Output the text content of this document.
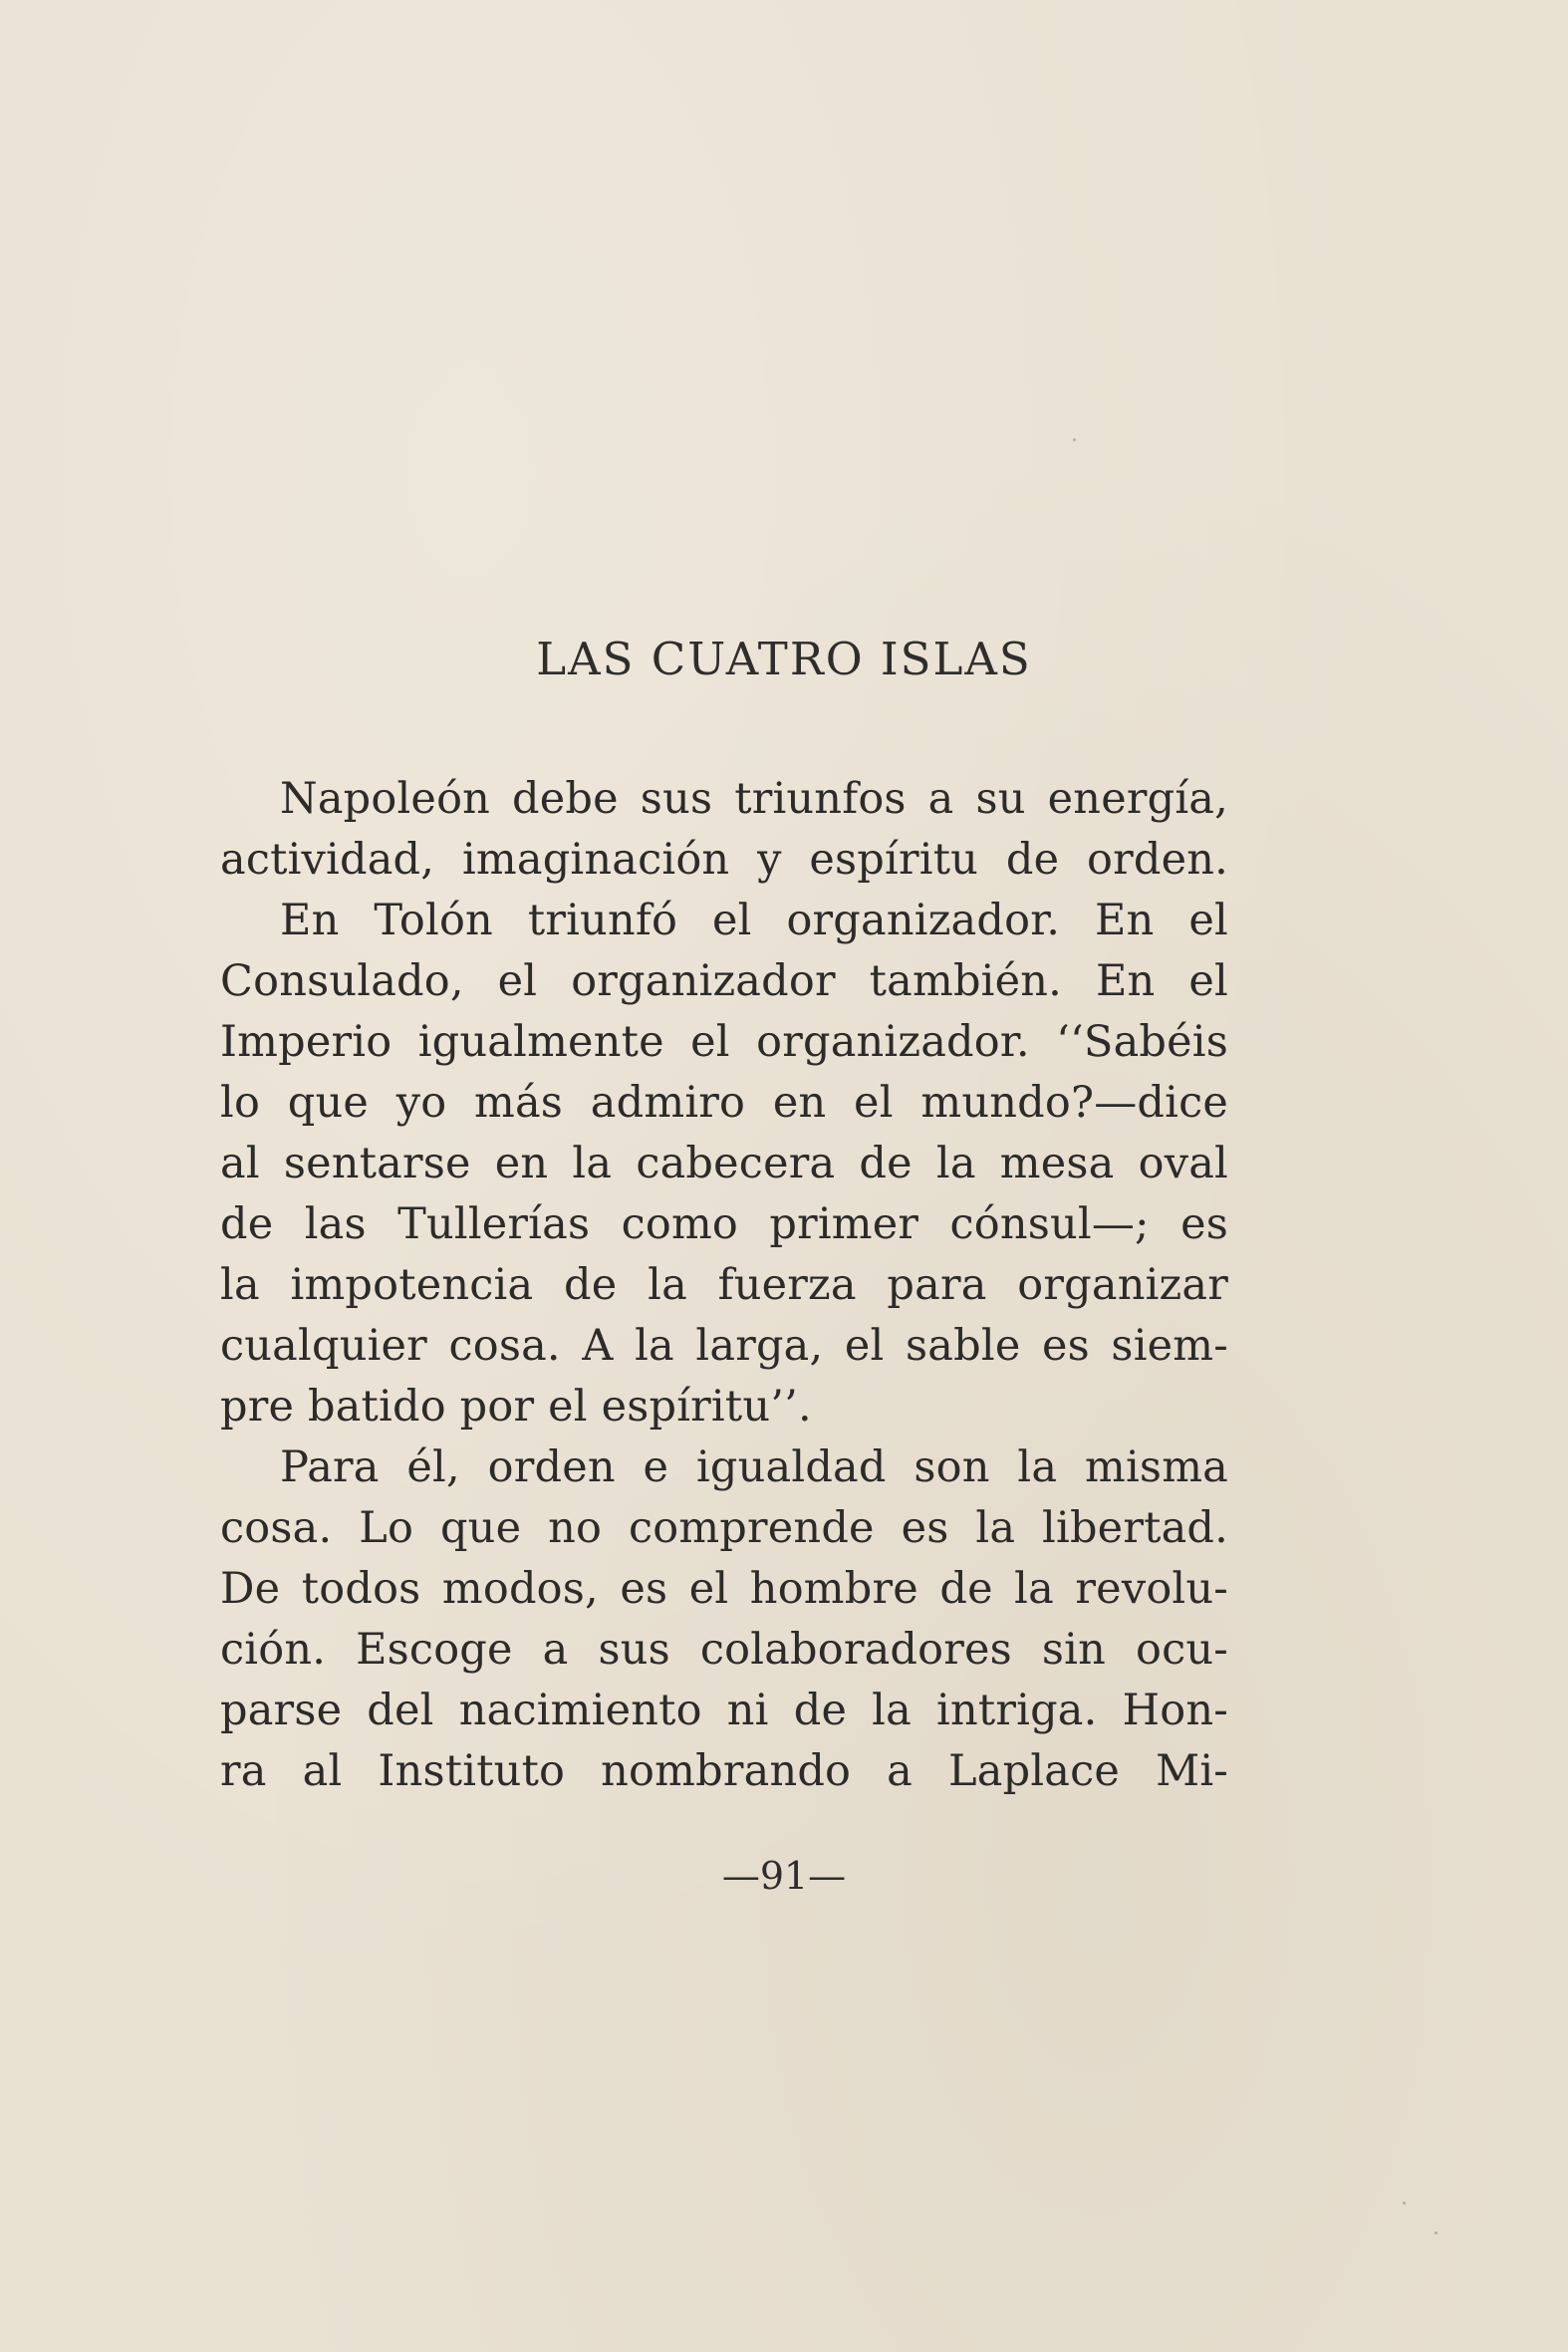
LAS CUATRO ISLAS
Napoleón debe sus triunfos a su energía,
actividad, imaginación y espíritu de orden.
En Tolón triunfó el organizador. En el
Consulado, el organizador también. En el
Imperio igualmente el organizador. ‘‘Sabéis
lo que yo más admiro en el mundo?—dice
al sentarse en la cabecera de la mesa oval
de las Tullerías como primer cónsul—; es
la impotencia de la fuerza para organizar
cualquier cosa. A la larga, el sable es siem-
pre batido por el espíritu’’.
Para él, orden e igualdad son la misma
cosa. Lo que no comprende es la libertad.
De todos modos, es el hombre de la revolu-
ción. Escoge a sus colaboradores sin ocu-
parse del nacimiento ni de la intriga. Hon-
ra al Instituto nombrando a Laplace Mi-
—91—
